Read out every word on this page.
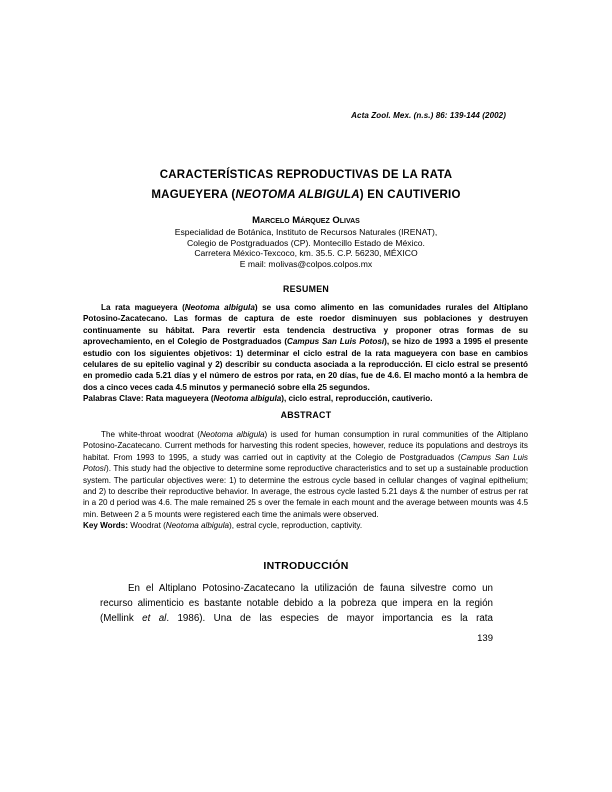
Acta Zool. Mex. (n.s.) 86: 139-144 (2002)
CARACTERÍSTICAS REPRODUCTIVAS DE LA RATA
MAGUEYERA (NEOTOMA ALBIGULA) EN CAUTIVERIO
Marcelo Márquez Olivas
Especialidad de Botánica, Instituto de Recursos Naturales (IRENAT),
Colegio de Postgraduados (CP). Montecillo Estado de México.
Carretera México-Texcoco, km. 35.5. C.P. 56230, MÉXICO
E mail: molivas@colpos.colpos.mx
RESUMEN
La rata magueyera (Neotoma albigula) se usa como alimento en las comunidades rurales del Altiplano Potosino-Zacatecano. Las formas de captura de este roedor disminuyen sus poblaciones y destruyen continuamente su hábitat. Para revertir esta tendencia destructiva y proponer otras formas de su aprovechamiento, en el Colegio de Postgraduados (Campus San Luis Potosí), se hizo de 1993 a 1995 el presente estudio con los siguientes objetivos: 1) determinar el ciclo estral de la rata magueyera con base en cambios celulares de su epitelio vaginal y 2) describir su conducta asociada a la reproducción. El ciclo estral se presentó en promedio cada 5.21 días y el número de estros por rata, en 20 días, fue de 4.6. El macho montó a la hembra de dos a cinco veces cada 4.5 minutos y permaneció sobre ella 25 segundos.
Palabras Clave: Rata magueyera (Neotoma albigula), ciclo estral, reproducción, cautiverio.
ABSTRACT
The white-throat woodrat (Neotoma albigula) is used for human consumption in rural communities of the Altiplano Potosino-Zacatecano. Current methods for harvesting this rodent species, however, reduce its populations and destroys its habitat. From 1993 to 1995, a study was carried out in captivity at the Colegio de Postgraduados (Campus San Luis Potosí). This study had the objective to determine some reproductive characteristics and to set up a sustainable production system. The particular objectives were: 1) to determine the estrous cycle based in cellular changes of vaginal epithelium; and 2) to describe their reproductive behavior. In average, the estrous cycle lasted 5.21 days & the number of estrus per rat in a 20 d period was 4.6. The male remained 25 s over the female in each mount and the average between mounts was 4.5 min. Between 2 a 5 mounts were registered each time the animals were observed.
Key Words: Woodrat (Neotoma albigula), estral cycle, reproduction, captivity.
INTRODUCCIÓN
En el Altiplano Potosino-Zacatecano la utilización de fauna silvestre como un recurso alimenticio es bastante notable debido a la pobreza que impera en la región (Mellink et al. 1986). Una de las especies de mayor importancia es la rata
139
